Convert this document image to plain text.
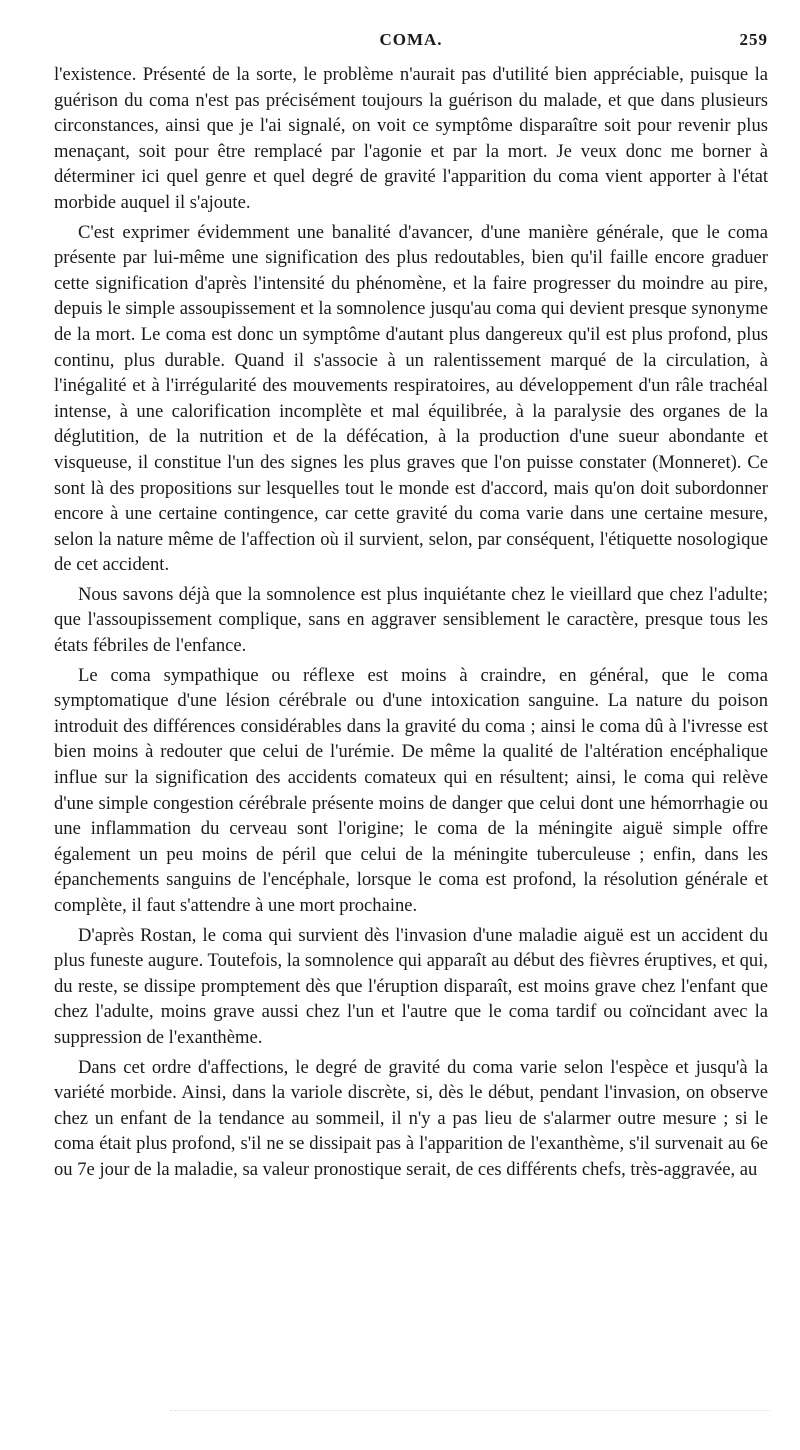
COMA.	259

l'existence. Présenté de la sorte, le problème n'aurait pas d'utilité bien appréciable, puisque la guérison du coma n'est pas précisément toujours la guérison du malade, et que dans plusieurs circonstances, ainsi que je l'ai signalé, on voit ce symptôme disparaître soit pour revenir plus menaçant, soit pour être remplacé par l'agonie et par la mort. Je veux donc me borner à déterminer ici quel genre et quel degré de gravité l'apparition du coma vient apporter à l'état morbide auquel il s'ajoute.

C'est exprimer évidemment une banalité d'avancer, d'une manière générale, que le coma présente par lui-même une signification des plus redoutables, bien qu'il faille encore graduer cette signification d'après l'intensité du phénomène, et la faire progresser du moindre au pire, depuis le simple assoupissement et la somnolence jusqu'au coma qui devient presque synonyme de la mort. Le coma est donc un symptôme d'autant plus dangereux qu'il est plus profond, plus continu, plus durable. Quand il s'associe à un ralentissement marqué de la circulation, à l'inégalité et à l'irrégularité des mouvements respiratoires, au développement d'un râle trachéal intense, à une calorification incomplète et mal équilibrée, à la paralysie des organes de la déglutition, de la nutrition et de la défécation, à la production d'une sueur abondante et visqueuse, il constitue l'un des signes les plus graves que l'on puisse constater (Monneret). Ce sont là des propositions sur lesquelles tout le monde est d'accord, mais qu'on doit subordonner encore à une certaine contingence, car cette gravité du coma varie dans une certaine mesure, selon la nature même de l'affection où il survient, selon, par conséquent, l'étiquette nosologique de cet accident.

Nous savons déjà que la somnolence est plus inquiétante chez le vieillard que chez l'adulte; que l'assoupissement complique, sans en aggraver sensiblement le caractère, presque tous les états fébriles de l'enfance.

Le coma sympathique ou réflexe est moins à craindre, en général, que le coma symptomatique d'une lésion cérébrale ou d'une intoxication sanguine. La nature du poison introduit des différences considérables dans la gravité du coma ; ainsi le coma dû à l'ivresse est bien moins à redouter que celui de l'urémie. De même la qualité de l'altération encéphalique influe sur la signification des accidents comateux qui en résultent; ainsi, le coma qui relève d'une simple congestion cérébrale présente moins de danger que celui dont une hémorrhagie ou une inflammation du cerveau sont l'origine; le coma de la méningite aiguë simple offre également un peu moins de péril que celui de la méningite tuberculeuse ; enfin, dans les épanchements sanguins de l'encéphale, lorsque le coma est profond, la résolution générale et complète, il faut s'attendre à une mort prochaine.

D'après Rostan, le coma qui survient dès l'invasion d'une maladie aiguë est un accident du plus funeste augure. Toutefois, la somnolence qui apparaît au début des fièvres éruptives, et qui, du reste, se dissipe promptement dès que l'éruption disparaît, est moins grave chez l'enfant que chez l'adulte, moins grave aussi chez l'un et l'autre que le coma tardif ou coïncidant avec la suppression de l'exanthème.

Dans cet ordre d'affections, le degré de gravité du coma varie selon l'espèce et jusqu'à la variété morbide. Ainsi, dans la variole discrète, si, dès le début, pendant l'invasion, on observe chez un enfant de la tendance au sommeil, il n'y a pas lieu de s'alarmer outre mesure ; si le coma était plus profond, s'il ne se dissipait pas à l'apparition de l'exanthème, s'il survenait au 6e ou 7e jour de la maladie, sa valeur pronostique serait, de ces différents chefs, très-aggravée, au
